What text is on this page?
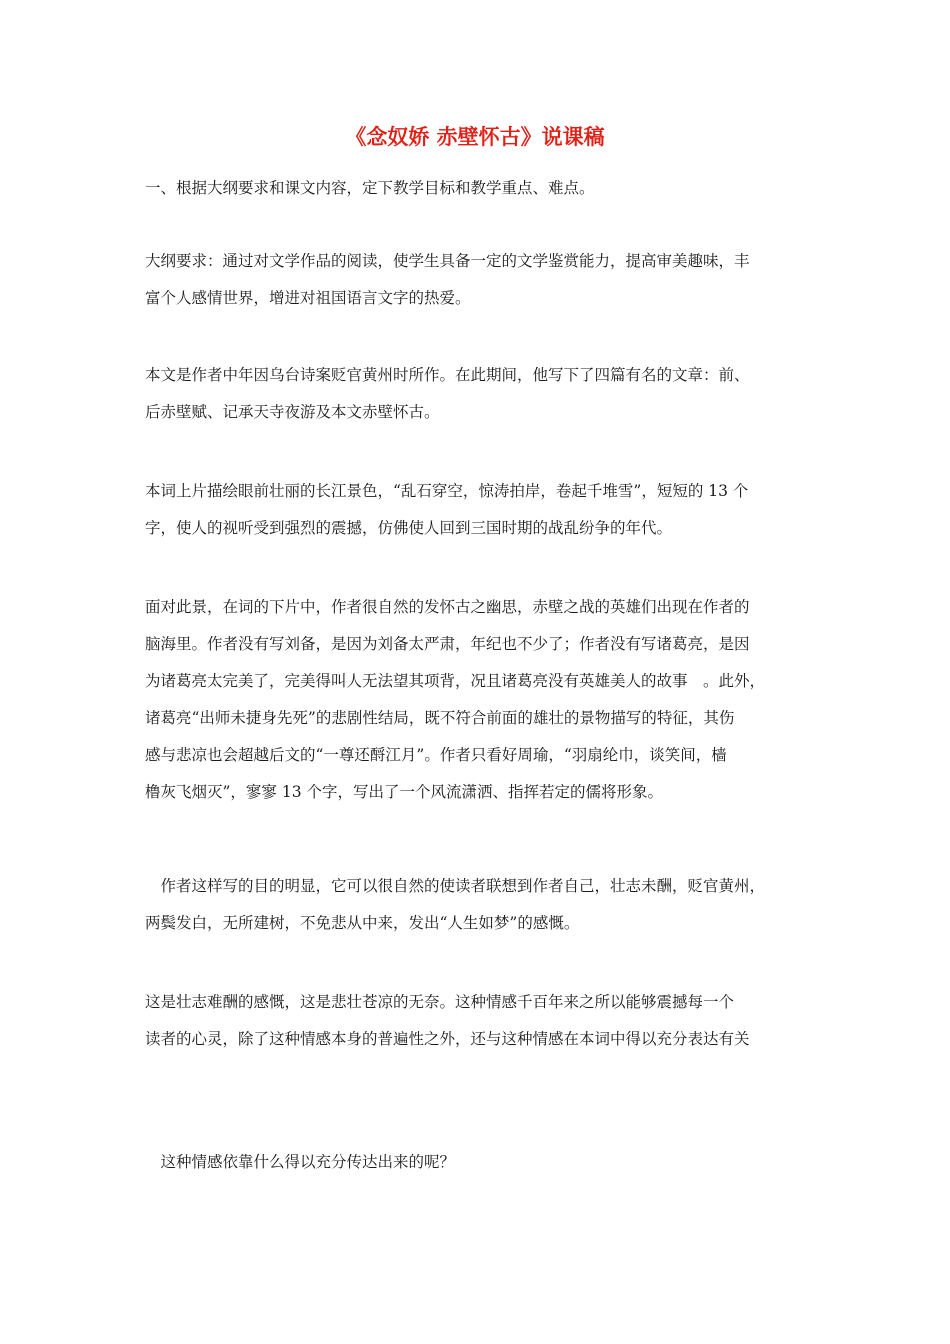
《念奴娇 赤壁怀古》说课稿
一、根据大纲要求和课文内容，定下教学目标和教学重点、难点。
大纲要求：通过对文学作品的阅读，使学生具备一定的文学鉴赏能力，提高审美趣味，丰
富个人感情世界，增进对祖国语言文字的热爱。
本文是作者中年因乌台诗案贬官黄州时所作。在此期间，他写下了四篇有名的文章：前、
后赤壁赋、记承天寺夜游及本文赤壁怀古。
本词上片描绘眼前壮丽的长江景色，“乱石穿空，惊涛拍岸，卷起千堆雪”，短短的 13 个
字，使人的视听受到强烈的震撼，仿佛使人回到三国时期的战乱纷争的年代。
面对此景，在词的下片中，作者很自然的发怀古之幽思，赤壁之战的英雄们出现在作者的
脑海里。作者没有写刘备，是因为刘备太严肃，年纪也不少了；作者没有写诸葛亮，是因
为诸葛亮太完美了，完美得叫人无法望其项背，况且诸葛亮没有英雄美人的故事　。此外，
诸葛亮“出师未捷身先死”的悲剧性结局，既不符合前面的雄壮的景物描写的特征，其伤
感与悲凉也会超越后文的“一尊还酹江月”。作者只看好周瑜，“羽扇纶巾，谈笑间，樯
橹灰飞烟灭”，寥寥 13 个字，写出了一个风流潇洒、指挥若定的儒将形象。
　作者这样写的目的明显，它可以很自然的使读者联想到作者自己，壮志未酬，贬官黄州，
两鬓发白，无所建树，不免悲从中来，发出“人生如梦”的感慨。
这是壮志难酬的感慨，这是悲壮苍凉的无奈。这种情感千百年来之所以能够震撼每一个
读者的心灵，除了这种情感本身的普遍性之外，还与这种情感在本词中得以充分表达有关
　这种情感依靠什么得以充分传达出来的呢？
